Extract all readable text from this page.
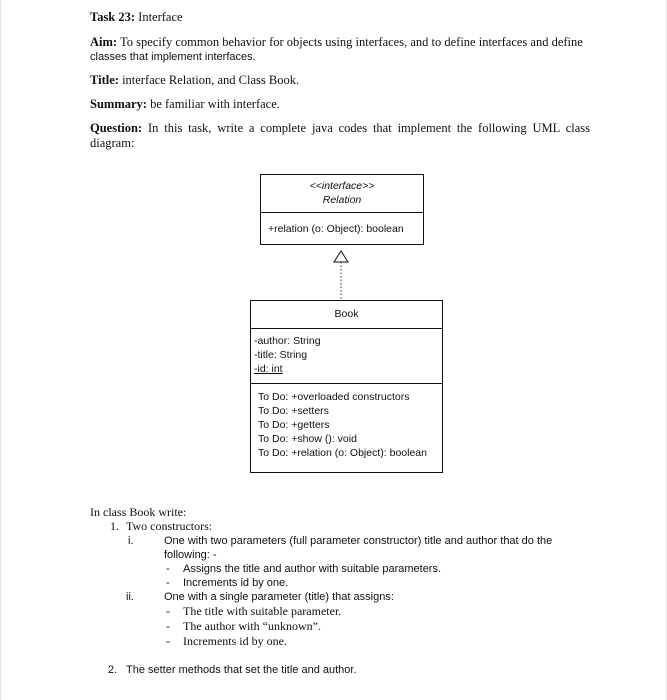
Task 23: Interface
Aim: To specify common behavior for objects using interfaces, and to define interfaces and define
classes that implement interfaces.
Title: interface Relation, and Class Book.
Summary: be familiar with interface.
Question: In this task, write a complete java codes that implement the following UML class
diagram:
<<interface>>
Relation
+relation (o: Object): boolean
Book
-author: String
-title: String
-id: int
To Do: +overloaded constructors
To Do: +setters
To Do: +getters
To Do: +show (): void
To Do: +relation (o: Object): boolean
In class Book write:
1. Two constructors:
i.	One with two parameters (full parameter constructor) title and author that do the
following: -
- Assigns the title and author with suitable parameters.
- Increments id by one.
ii.	One with a single parameter (title) that assigns:
- The title with suitable parameter.
- The author with “unknown”.
- Increments id by one.
2. The setter methods that set the title and author.
